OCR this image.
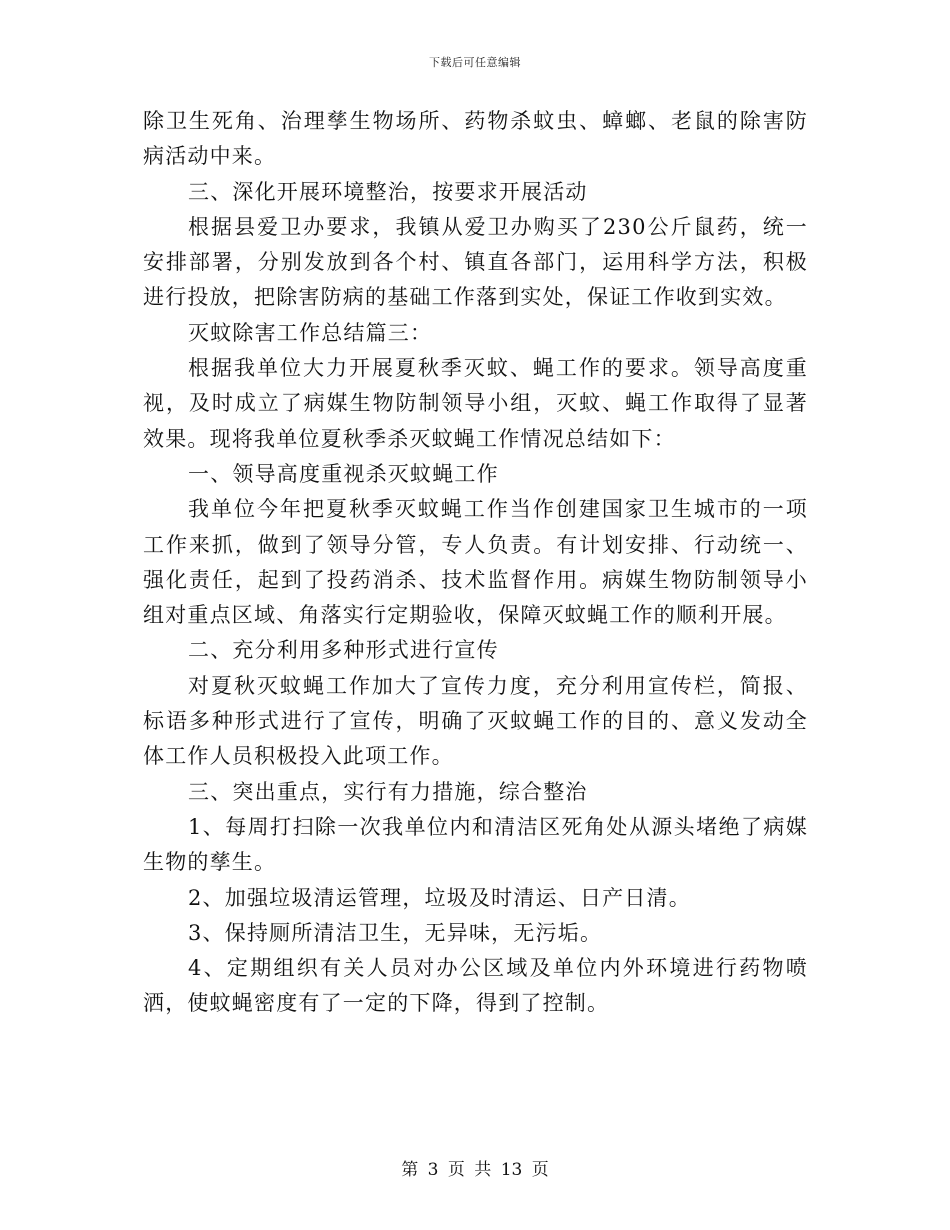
下载后可任意编辑

除卫生死角、治理孳生物场所、药物杀蚊虫、蟑螂、老鼠的除害防病活动中来。

三、深化开展环境整治，按要求开展活动

根据县爱卫办要求，我镇从爱卫办购买了230公斤鼠药，统一安排部署，分别发放到各个村、镇直各部门，运用科学方法，积极进行投放，把除害防病的基础工作落到实处，保证工作收到实效。

灭蚊除害工作总结篇三：

根据我单位大力开展夏秋季灭蚊、蝇工作的要求。领导高度重视，及时成立了病媒生物防制领导小组，灭蚊、蝇工作取得了显著效果。现将我单位夏秋季杀灭蚊蝇工作情况总结如下：

一、领导高度重视杀灭蚊蝇工作

我单位今年把夏秋季灭蚊蝇工作当作创建国家卫生城市的一项工作来抓，做到了领导分管，专人负责。有计划安排、行动统一、强化责任，起到了投药消杀、技术监督作用。病媒生物防制领导小组对重点区域、角落实行定期验收，保障灭蚊蝇工作的顺利开展。

二、充分利用多种形式进行宣传

对夏秋灭蚊蝇工作加大了宣传力度，充分利用宣传栏，简报、标语多种形式进行了宣传，明确了灭蚊蝇工作的目的、意义发动全体工作人员积极投入此项工作。

三、突出重点，实行有力措施，综合整治

1、每周打扫除一次我单位内和清洁区死角处从源头堵绝了病媒生物的孳生。

2、加强垃圾清运管理，垃圾及时清运、日产日清。

3、保持厕所清洁卫生，无异味，无污垢。

4、定期组织有关人员对办公区域及单位内外环境进行药物喷洒，使蚊蝇密度有了一定的下降，得到了控制。

第 3 页 共 13 页
